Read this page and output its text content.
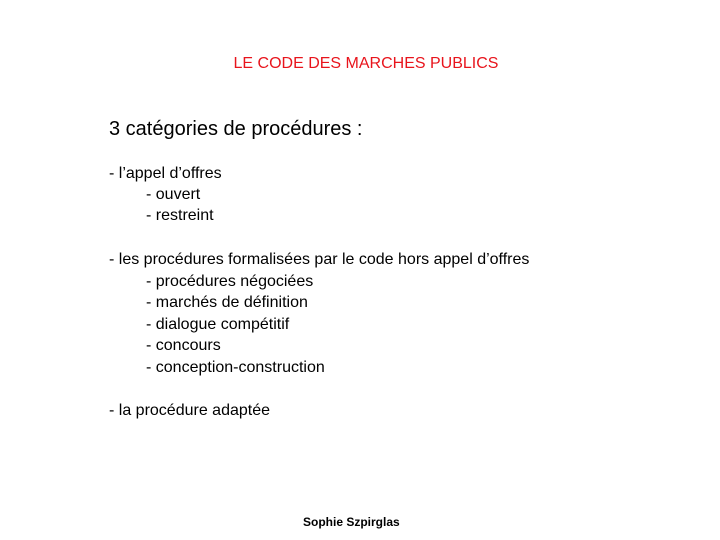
LE CODE DES MARCHES PUBLICS
3 catégories de procédures :
- l’appel d’offres
- ouvert
- restreint
- les procédures formalisées par le code hors appel d’offres
- procédures négociées
- marchés de définition
- dialogue compétitif
- concours
- conception-construction
- la procédure adaptée
Sophie Szpirglas
